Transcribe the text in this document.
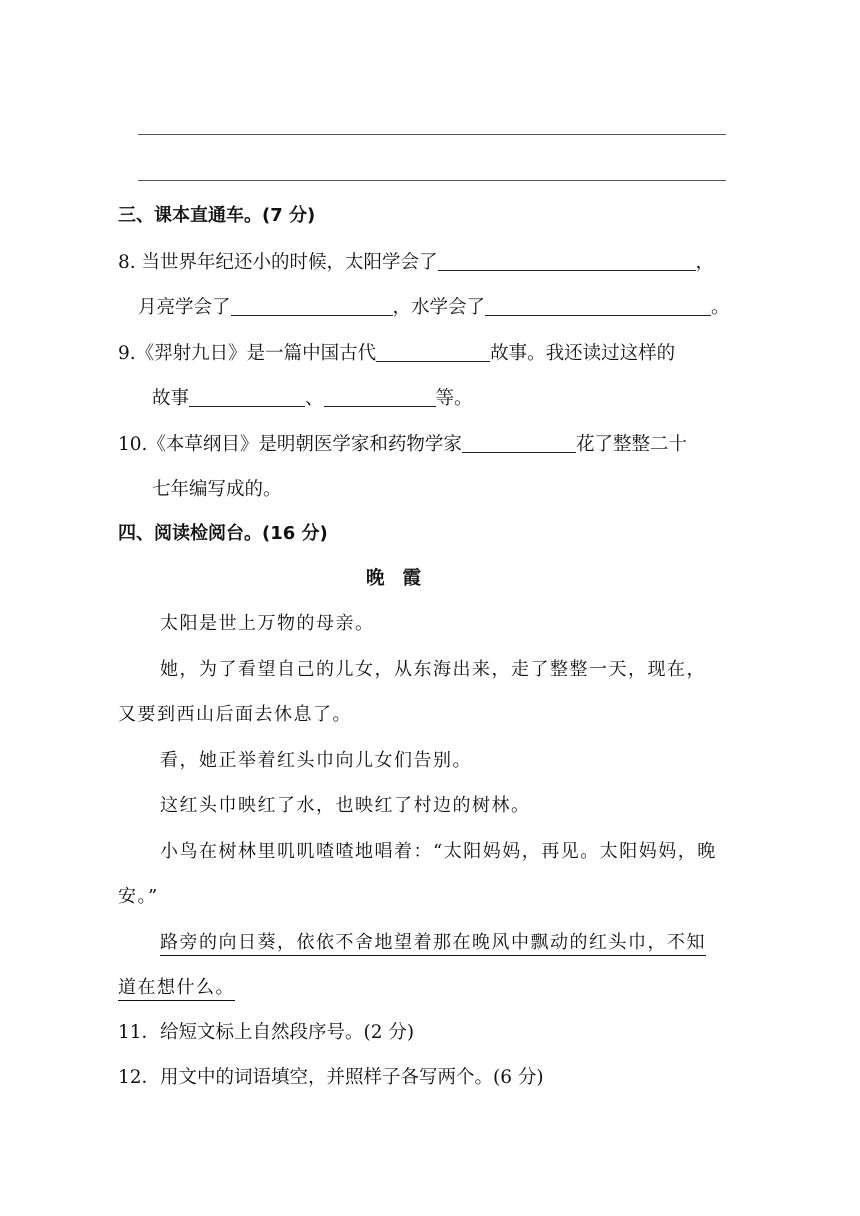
三、课本直通车。(7 分)
8. 当世界年纪还小的时候，太阳学会了	，
月亮学会了	，水学会了	。
9.《羿射九日》是一篇中国古代	故事。我还读过这样的
故事	、	等。
10.《本草纲目》是明朝医学家和药物学家	花了整整二十
七年编写成的。
四、阅读检阅台。(16 分)
晚 霞
太阳是世上万物的母亲。
她，为了看望自己的儿女，从东海出来，走了整整一天，现在，
又要到西山后面去休息了。
看，她正举着红头巾向儿女们告别。
这红头巾映红了水，也映红了村边的树林。
小鸟在树林里叽叽喳喳地唱着：“太阳妈妈，再见。太阳妈妈，晚
安。”
路旁的向日葵，依依不舍地望着那在晚风中飘动的红头巾，不知
道在想什么。
11．给短文标上自然段序号。(2 分)
12．用文中的词语填空，并照样子各写两个。(6 分)
